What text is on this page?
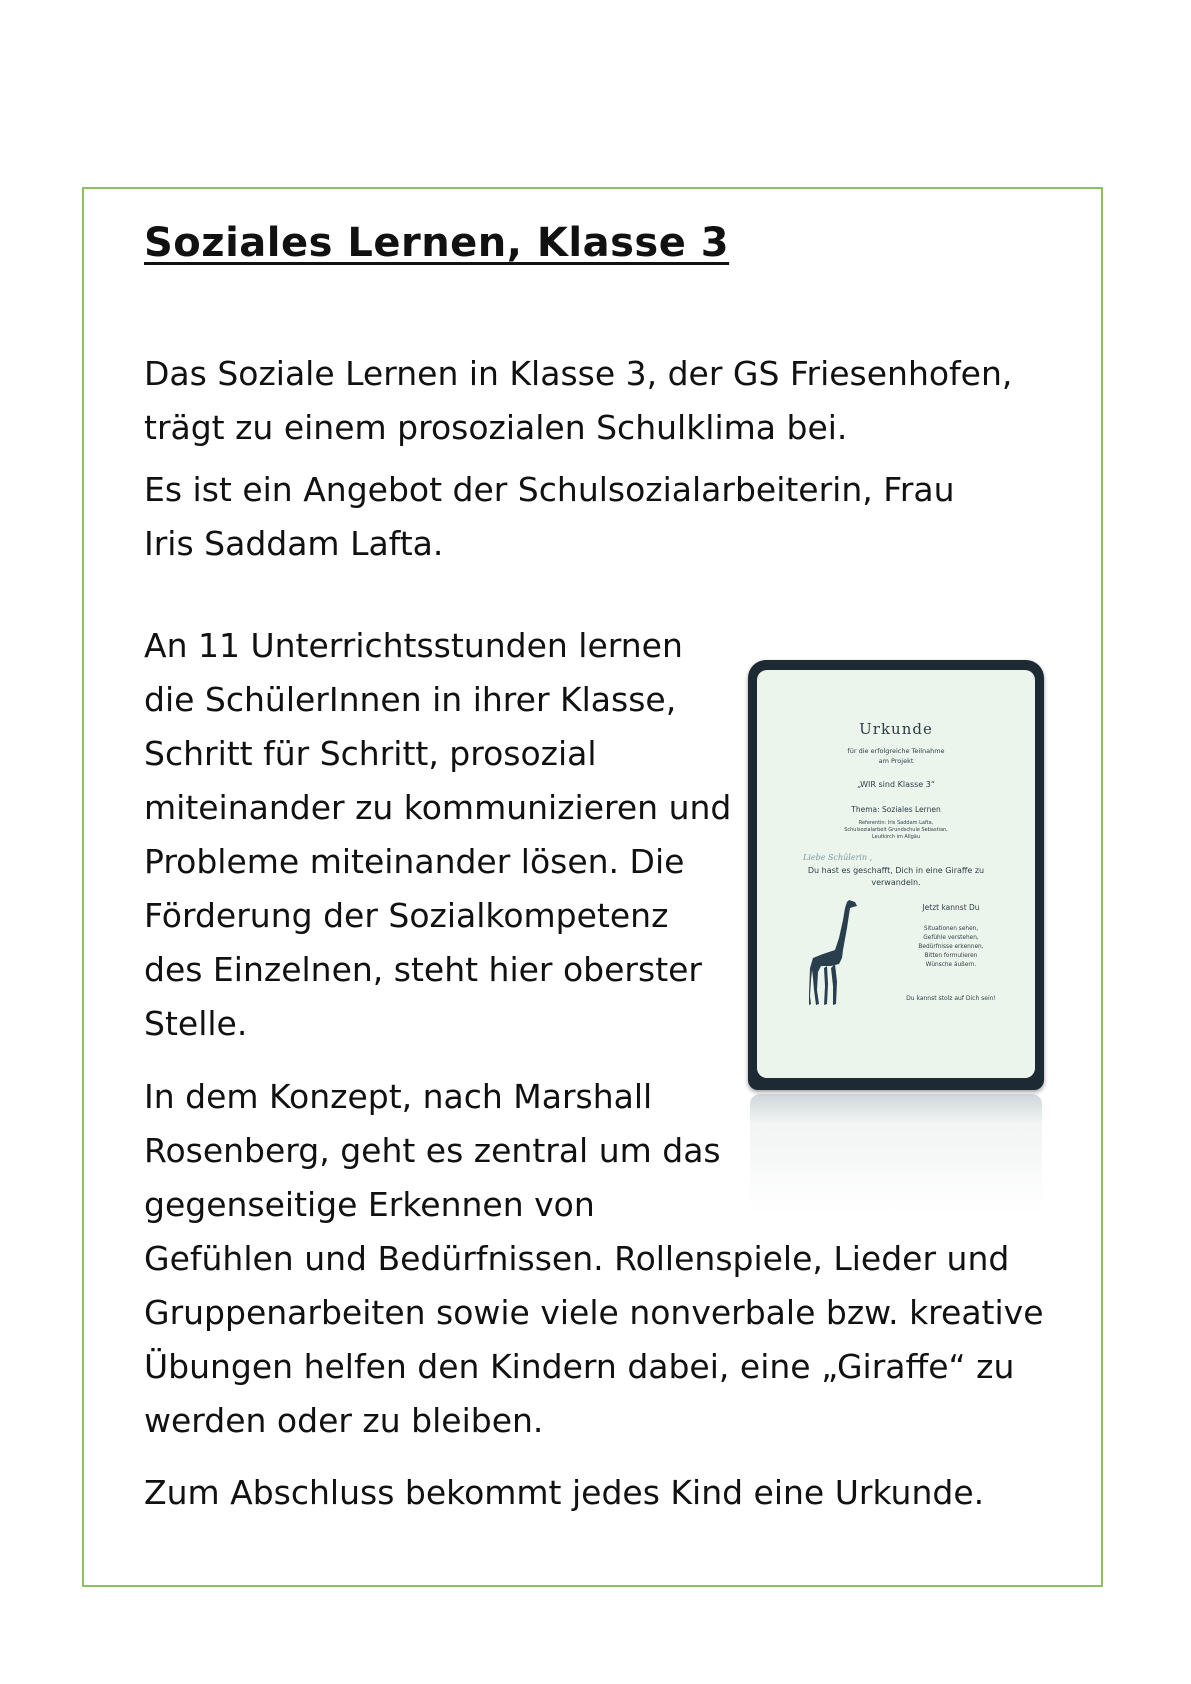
Soziales Lernen, Klasse 3

Das Soziale Lernen in Klasse 3, der GS Friesenhofen,
trägt zu einem prosozialen Schulklima bei.

Es ist ein Angebot der Schulsozialarbeiterin, Frau
Iris Saddam Lafta.

An 11 Unterrichtsstunden lernen
die SchülerInnen in ihrer Klasse,
Schritt für Schritt, prosozial
miteinander zu kommunizieren und
Probleme miteinander lösen. Die
Förderung der Sozialkompetenz
des Einzelnen, steht hier oberster
Stelle.

In dem Konzept, nach Marshall
Rosenberg, geht es zentral um das
gegenseitige Erkennen von
Gefühlen und Bedürfnissen. Rollenspiele, Lieder und
Gruppenarbeiten sowie viele nonverbale bzw. kreative
Übungen helfen den Kindern dabei, eine „Giraffe“ zu
werden oder zu bleiben.

Zum Abschluss bekommt jedes Kind eine Urkunde.

Urkunde
für die erfolgreiche Teilnahme
am Projekt
„WIR sind Klasse 3“
Thema: Soziales Lernen
Referentin: Iris Saddam Lafta,
Schulsozialarbeit Grundschule Sebastian,
Leutkirch im Allgäu
Liebe Schülerin ,
Du hast es geschafft, Dich in eine Giraffe zu
verwandeln.
Jetzt kannst Du
Situationen sehen,
Gefühle verstehen,
Bedürfnisse erkennen,
Bitten formulieren
Wünsche äußern.
Du kannst stolz auf Dich sein!
